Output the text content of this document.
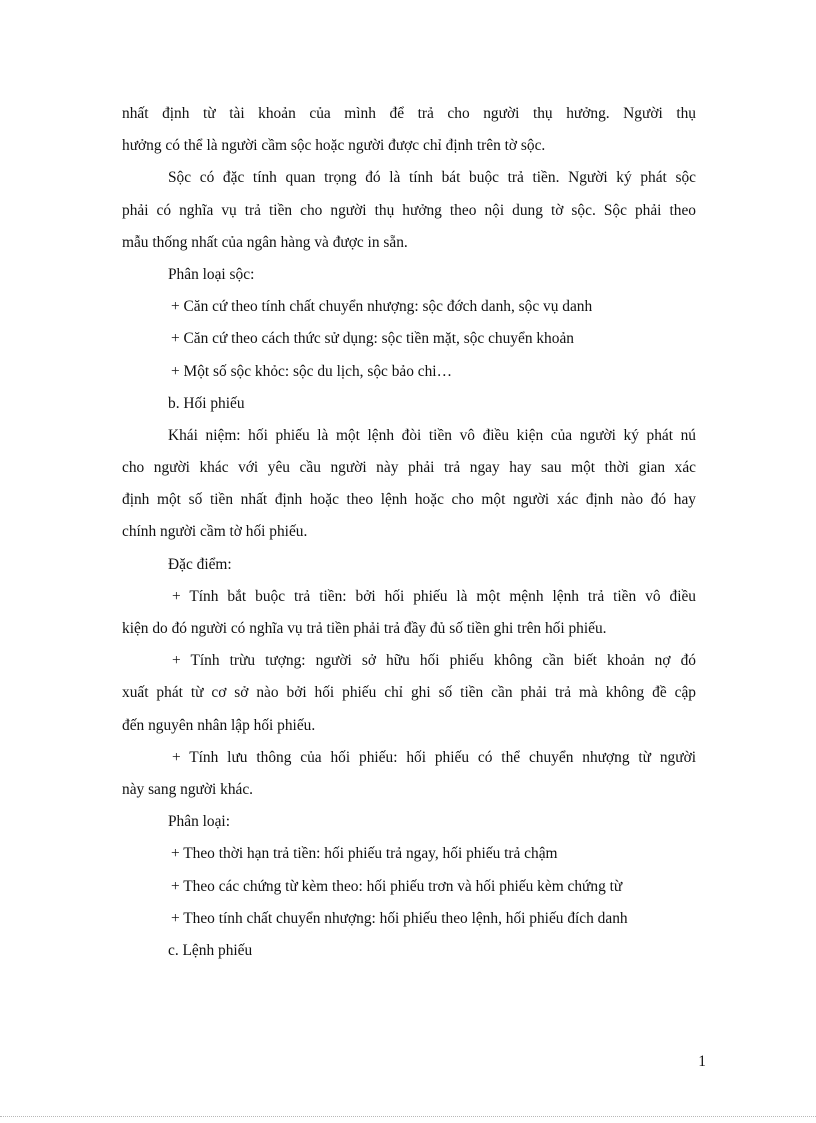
nhất định từ tài khoản của mình để trả cho người thụ hưởng. Người thụ
hưởng có thể là người cầm sộc hoặc người được chỉ định trên tờ sộc.
Sộc có đặc tính quan trọng đó là tính bát buộc trả tiền. Người ký phát sộc
phải có nghĩa vụ trả tiền cho người thụ hưởng theo nội dung tờ sộc. Sộc phải theo
mẫu thống nhất của ngân hàng và được in sẵn.
Phân loại sộc:
+ Căn cứ theo tính chất chuyển nhượng: sộc đớch danh, sộc vụ danh
+ Căn cứ theo cách thức sử dụng: sộc tiền mặt, sộc chuyển khoản
+ Một số sộc khỏc: sộc du lịch, sộc bảo chi…
b. Hối phiếu
Khái niệm: hối phiếu là một lệnh đòi tiền vô điều kiện của người ký phát nú
cho người khác với yêu cầu người này phải trả ngay hay sau một thời gian xác
định một số tiền nhất định hoặc theo lệnh hoặc cho một người xác định nào đó hay
chính người cầm tờ hối phiếu.
Đặc điểm:
+ Tính bắt buộc trả tiền: bởi hối phiếu là một mệnh lệnh trả tiền vô điều
kiện do đó người có nghĩa vụ trả tiền phải trả đầy đủ số tiền ghi trên hối phiếu.
+ Tính trừu tượng: người sở hữu hối phiếu không cần biết khoản nợ đó
xuất phát từ cơ sở nào bởi hối phiếu chỉ ghi số tiền cần phải trả mà không đề cập
đến nguyên nhân lập hối phiếu.
+ Tính lưu thông của hối phiếu: hối phiếu có thể chuyển nhượng từ người
này sang người khác.
Phân loại:
+ Theo thời hạn trả tiền: hối phiếu trả ngay, hối phiếu trả chậm
+ Theo các chứng từ kèm theo: hối phiếu trơn và hối phiếu kèm chứng từ
+ Theo tính chất chuyển nhượng: hối phiếu theo lệnh, hối phiếu đích danh
c. Lệnh phiếu
1
